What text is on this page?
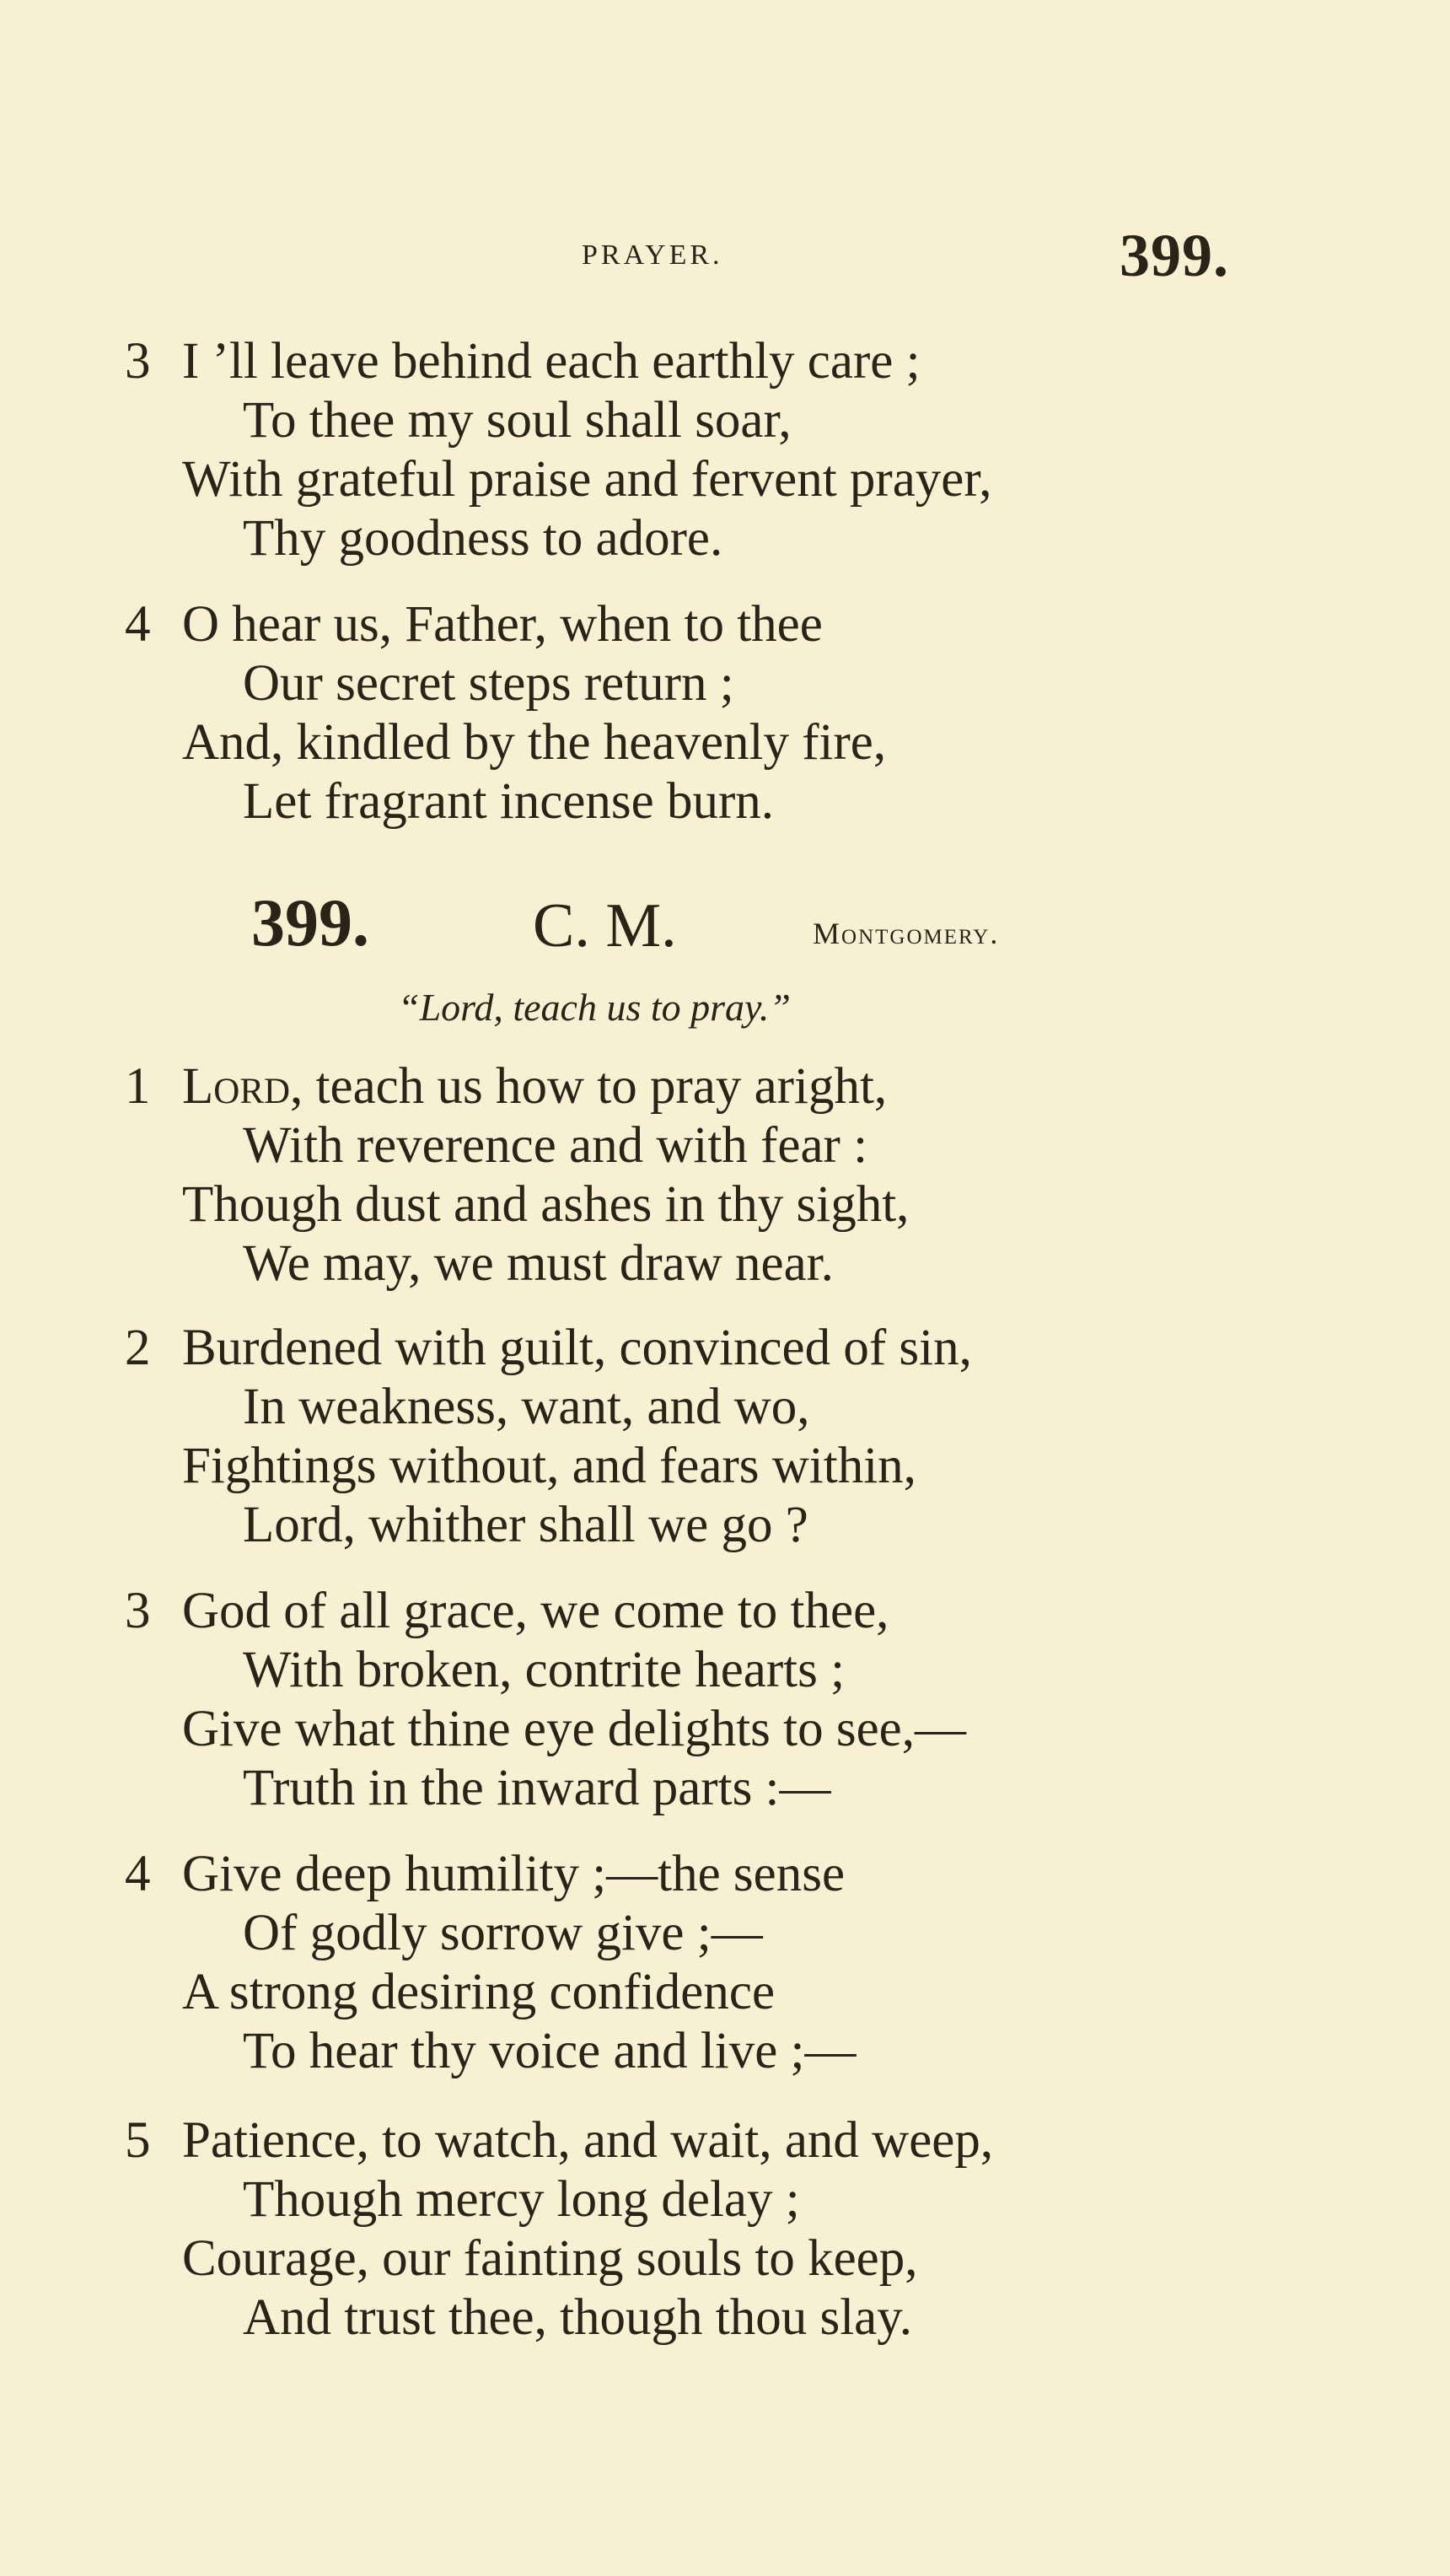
PRAYER.	399.
3 I ’ll leave behind each earthly care ;
To thee my soul shall soar,
With grateful praise and fervent prayer,
Thy goodness to adore.
4 O hear us, Father, when to thee
Our secret steps return ;
And, kindled by the heavenly fire,
Let fragrant incense burn.
399.	C. M.	Montgomery.
“Lord, teach us to pray.”
1 Lord, teach us how to pray aright,
With reverence and with fear :
Though dust and ashes in thy sight,
We may, we must draw near.
2 Burdened with guilt, convinced of sin,
In weakness, want, and wo,
Fightings without, and fears within,
Lord, whither shall we go ?
3 God of all grace, we come to thee,
With broken, contrite hearts ;
Give what thine eye delights to see,—
Truth in the inward parts :—
4 Give deep humility ;—the sense
Of godly sorrow give ;—
A strong desiring confidence
To hear thy voice and live ;—
5 Patience, to watch, and wait, and weep,
Though mercy long delay ;
Courage, our fainting souls to keep,
And trust thee, though thou slay.
